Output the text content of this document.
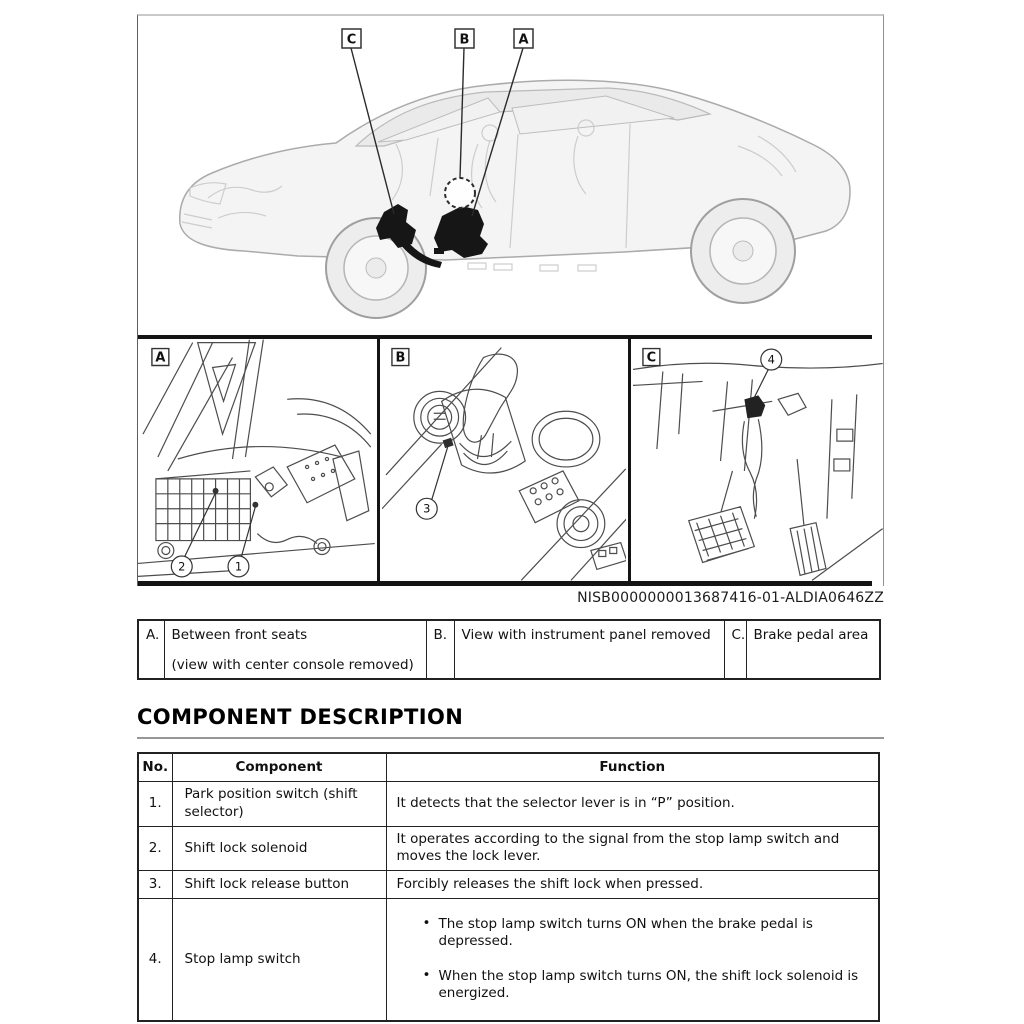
C	B	A
A
2	1
B
3
C	4
NISB0000000013687416-01-ALDIA0646ZZ
A.	Between front seats
(view with center console removed)
	B.	View with instrument panel removed	C.	Brake pedal area
COMPONENT DESCRIPTION
No.	Component	Function
1.	Park position switch (shift selector)	It detects that the selector lever is in “P” position.
2.	Shift lock solenoid	It operates according to the signal from the stop lamp switch and moves the lock lever.
3.	Shift lock release button	Forcibly releases the shift lock when pressed.
4.	Stop lamp switch	• The stop lamp switch turns ON when the brake pedal is depressed.
• When the stop lamp switch turns ON, the shift lock solenoid is energized.
